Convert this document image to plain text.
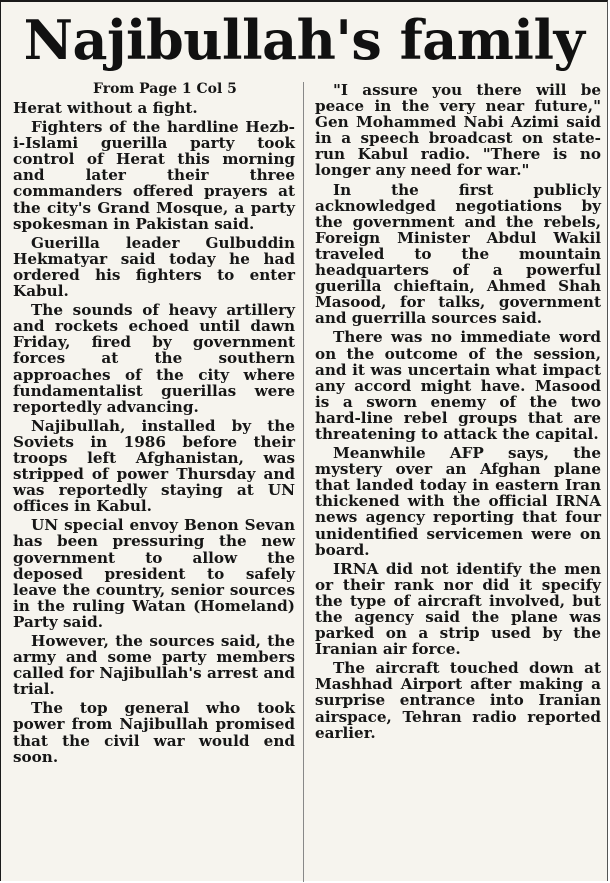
Najibullah's family

From Page 1 Col 5

Herat without a fight.

Fighters of the hardline Hezb-i-Islami guerilla party took control of Herat this morning and later their three commanders offered prayers at the city's Grand Mosque, a party spokesman in Pakistan said.

Guerilla leader Gulbuddin Hekmatyar said today he had ordered his fighters to enter Kabul.

The sounds of heavy artillery and rockets echoed until dawn Friday, fired by government forces at the southern approaches of the city where fundamentalist guerillas were reportedly advancing.

Najibullah, installed by the Soviets in 1986 before their troops left Afghanistan, was stripped of power Thursday and was reportedly staying at UN offices in Kabul.

UN special envoy Benon Sevan has been pressuring the new government to allow the deposed president to safely leave the country, senior sources in the ruling Watan (Homeland) Party said.

However, the sources said, the army and some party members called for Najibullah's arrest and trial.

The top general who took power from Najibullah promised that the civil war would end soon.

"I assure you there will be peace in the very near future," Gen Mohammed Nabi Azimi said in a speech broadcast on state-run Kabul radio. "There is no longer any need for war."

In the first publicly acknowledged negotiations by the government and the rebels, Foreign Minister Abdul Wakil traveled to the mountain headquarters of a powerful guerilla chieftain, Ahmed Shah Masood, for talks, government and guerrilla sources said.

There was no immediate word on the outcome of the session, and it was uncertain what impact any accord might have. Masood is a sworn enemy of the two hard-line rebel groups that are threatening to attack the capital.

Meanwhile AFP says, the mystery over an Afghan plane that landed today in eastern Iran thickened with the official IRNA news agency reporting that four unidentified servicemen were on board.

IRNA did not identify the men or their rank nor did it specify the type of aircraft involved, but the agency said the plane was parked on a strip used by the Iranian air force.

The aircraft touched down at Mashhad Airport after making a surprise entrance into Iranian airspace, Tehran radio reported earlier.
